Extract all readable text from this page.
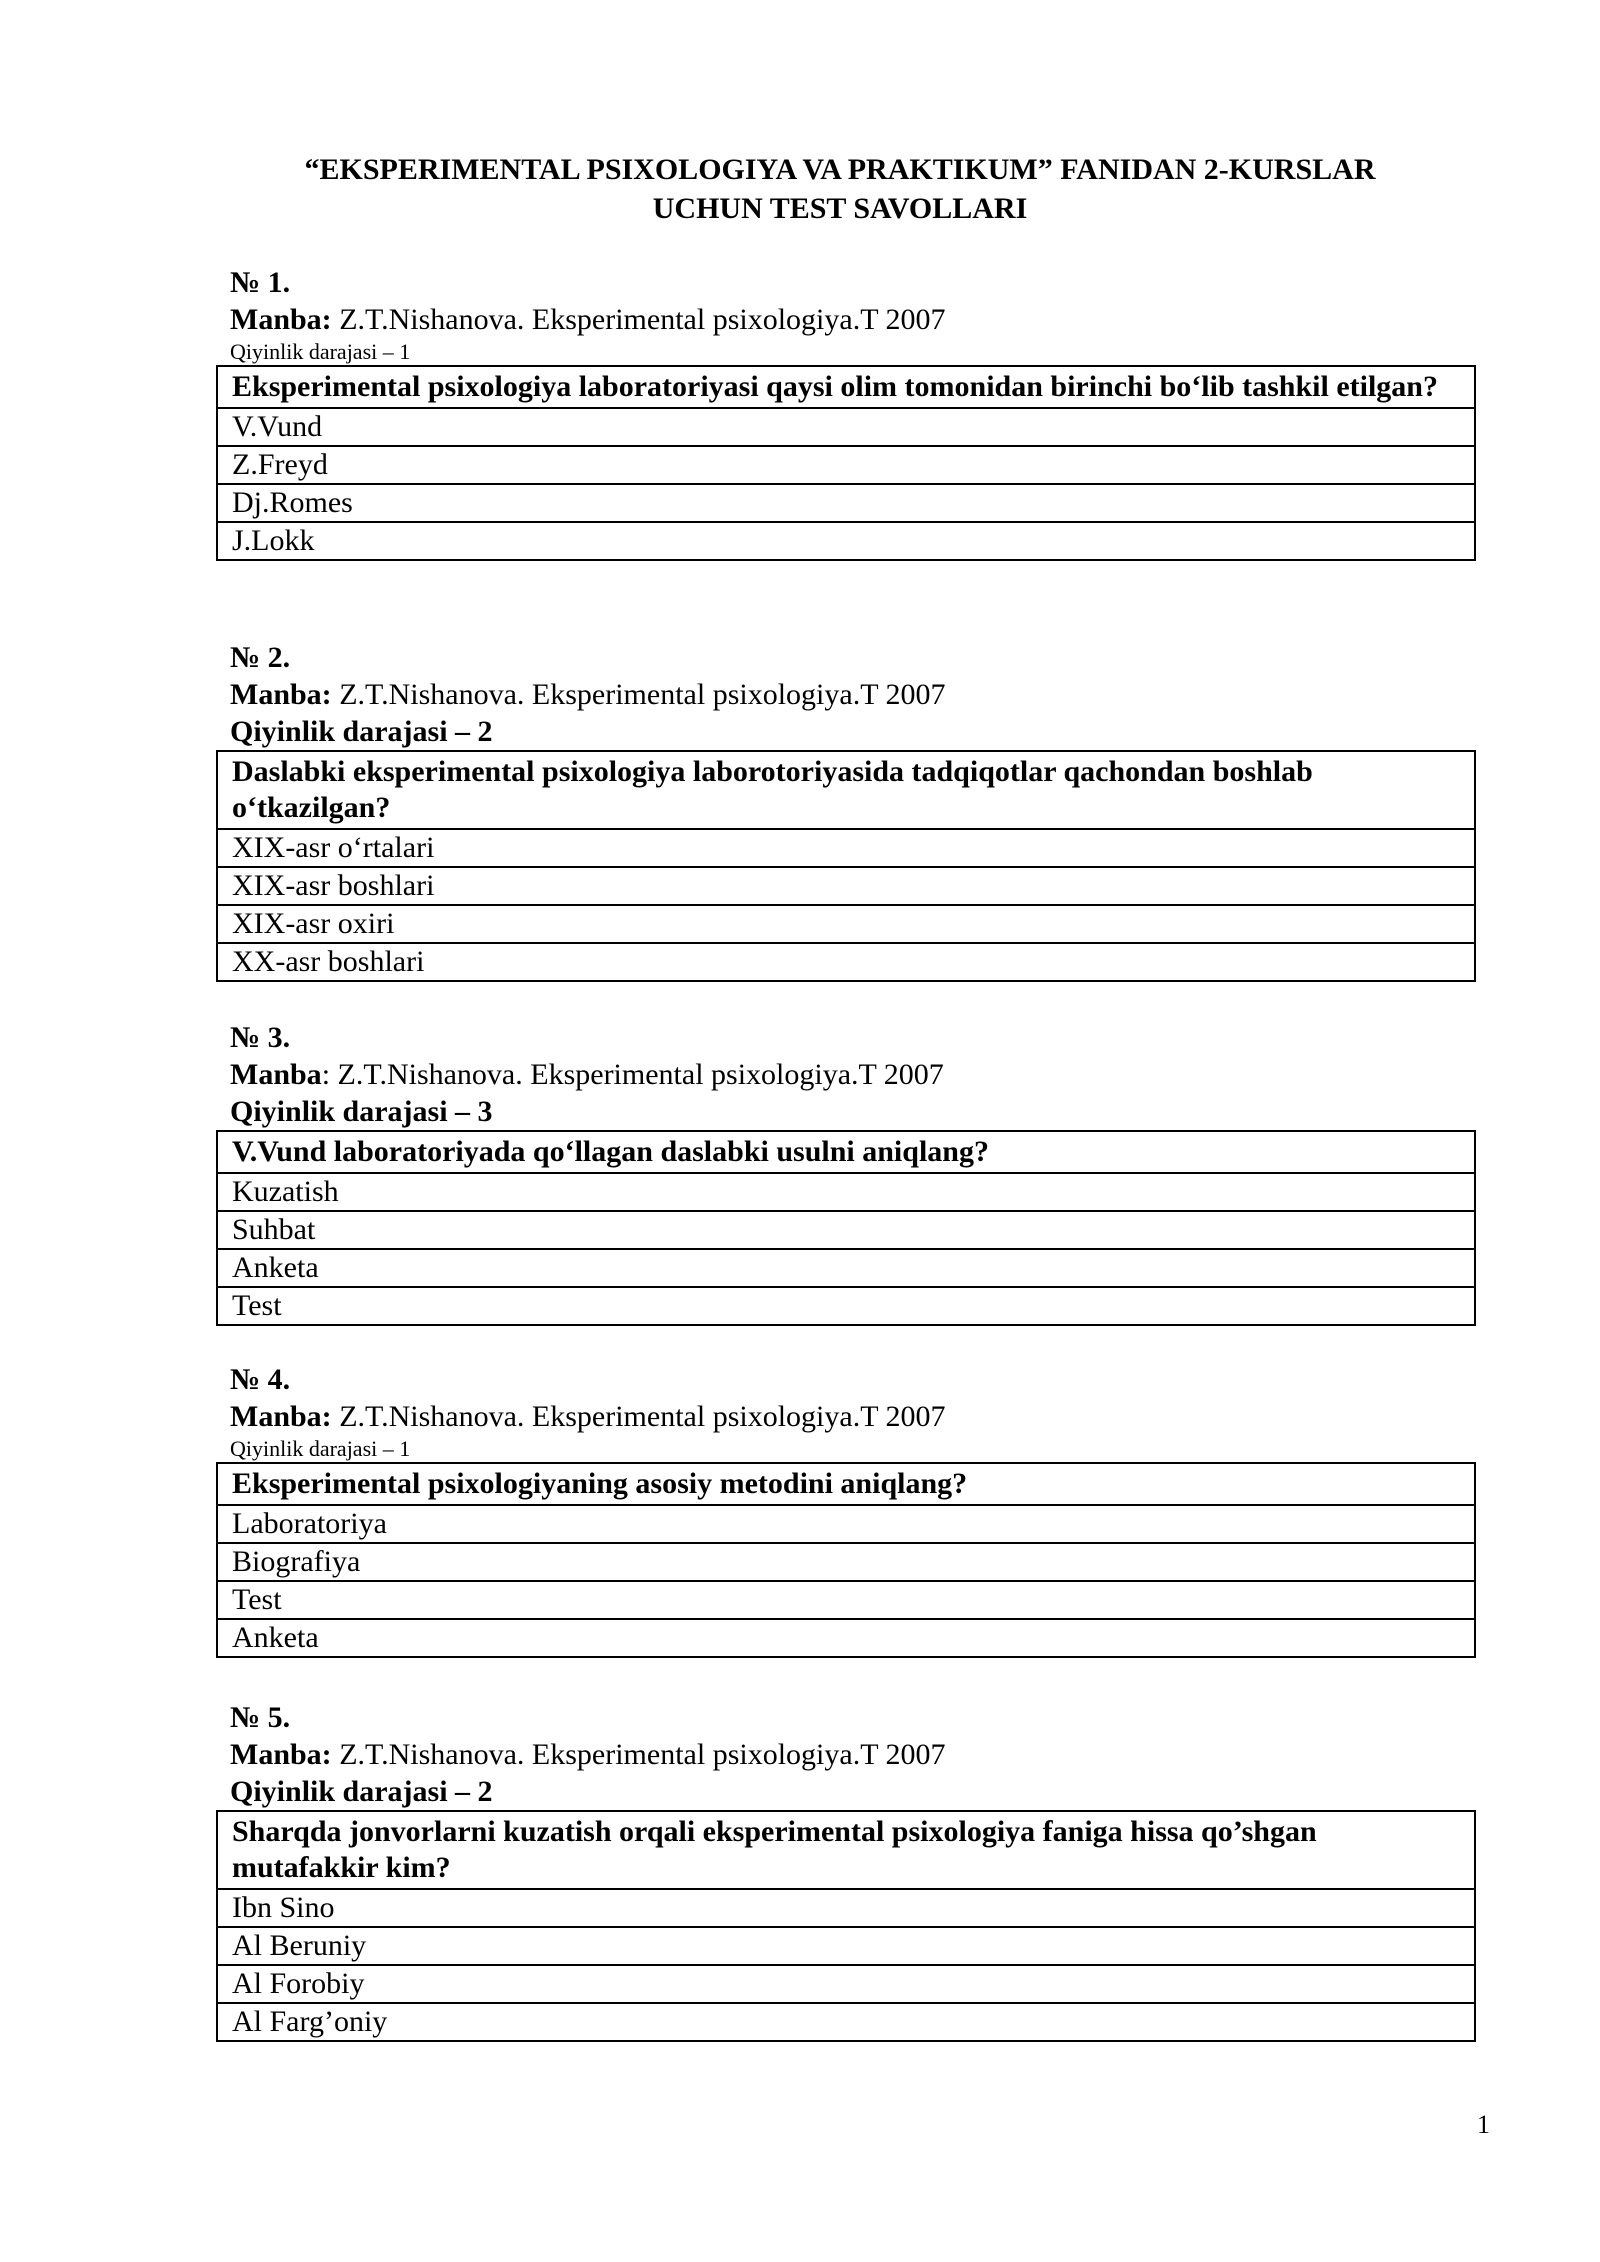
“EKSPERIMENTAL PSIXOLOGIYA VA PRAKTIKUM” FANIDAN 2-KURSLAR
UCHUN TEST SAVOLLARI
№ 1.
Manba: Z.T.Nishanova. Eksperimental psixologiya.T 2007
Qiyinlik darajasi – 1
Eksperimental psixologiya laboratoriyasi qaysi olim tomonidan birinchi bo‘lib tashkil etilgan?
V.Vund
Z.Freyd
Dj.Romes
J.Lokk
№ 2.
Manba: Z.T.Nishanova. Eksperimental psixologiya.T 2007
Qiyinlik darajasi – 2
Daslabki eksperimental psixologiya laborotoriyasida tadqiqotlar qachondan boshlab o‘tkazilgan?
XIX-asr o‘rtalari
XIX-asr boshlari
XIX-asr oxiri
XX-asr boshlari
№ 3.
Manba: Z.T.Nishanova. Eksperimental psixologiya.T 2007
Qiyinlik darajasi – 3
V.Vund laboratoriyada qo‘llagan daslabki usulni aniqlang?
Kuzatish
Suhbat
Anketa
Test
№ 4.
Manba: Z.T.Nishanova. Eksperimental psixologiya.T 2007
Qiyinlik darajasi – 1
Eksperimental psixologiyaning asosiy metodini aniqlang?
Laboratoriya
Biografiya
Test
Anketa
№ 5.
Manba: Z.T.Nishanova. Eksperimental psixologiya.T 2007
Qiyinlik darajasi – 2
Sharqda jonvorlarni kuzatish orqali eksperimental psixologiya faniga hissa qo’shgan mutafakkir kim?
Ibn Sino
Al Beruniy
Al Forobiy
Al Farg’oniy
1
